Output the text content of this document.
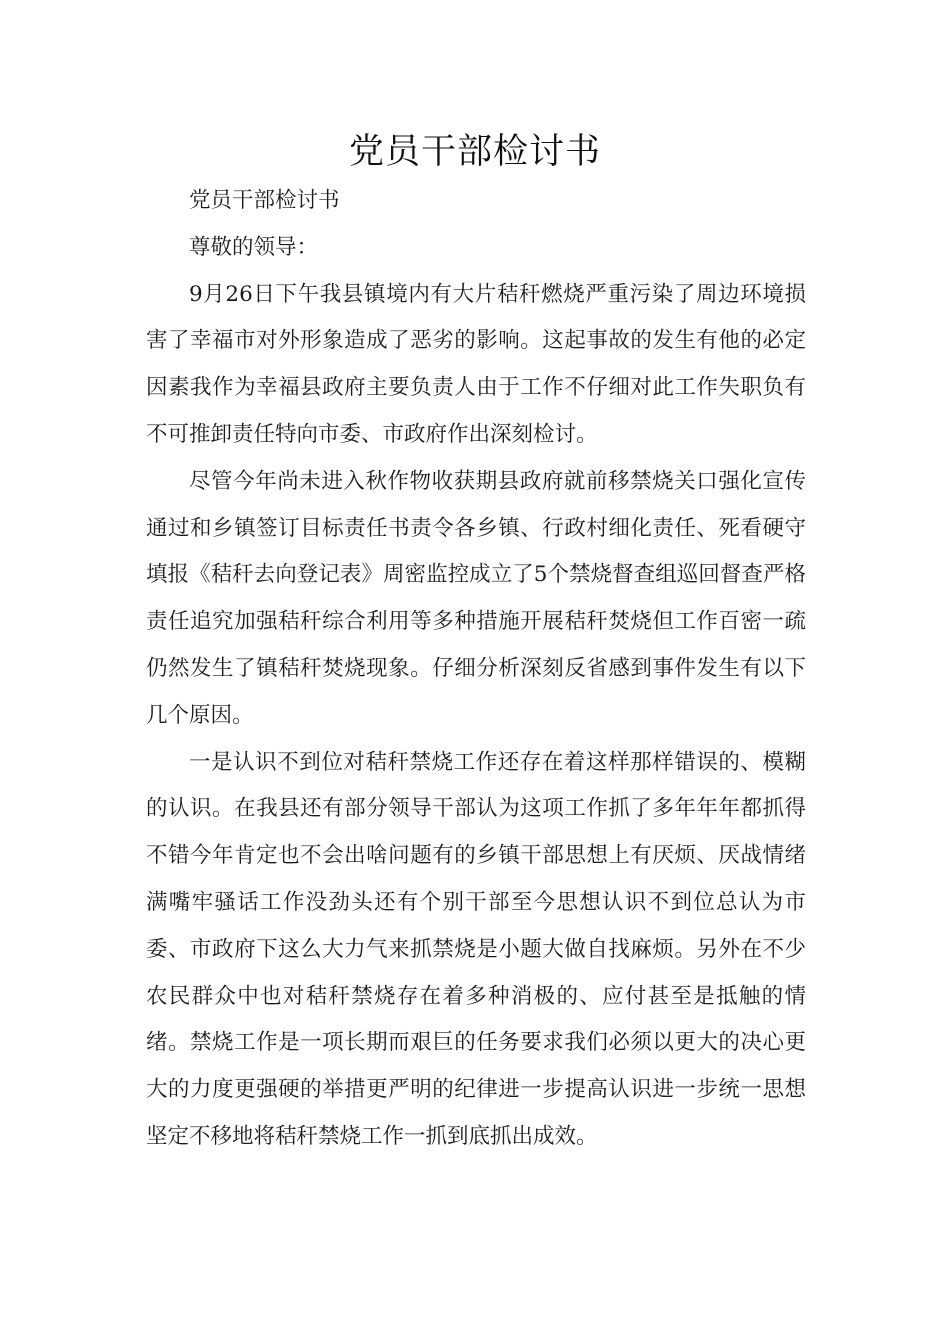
党员干部检讨书

党员干部检讨书

尊敬的领导：

9月26日下午我县镇境内有大片秸秆燃烧严重污染了周边环境损害了幸福市对外形象造成了恶劣的影响。这起事故的发生有他的必定因素我作为幸福县政府主要负责人由于工作不仔细对此工作失职负有不可推卸责任特向市委、市政府作出深刻检讨。

尽管今年尚未进入秋作物收获期县政府就前移禁烧关口强化宣传通过和乡镇签订目标责任书责令各乡镇、行政村细化责任、死看硬守填报《秸秆去向登记表》周密监控成立了5个禁烧督查组巡回督查严格责任追究加强秸秆综合利用等多种措施开展秸秆焚烧但工作百密一疏仍然发生了镇秸秆焚烧现象。仔细分析深刻反省感到事件发生有以下几个原因。

一是认识不到位对秸秆禁烧工作还存在着这样那样错误的、模糊的认识。在我县还有部分领导干部认为这项工作抓了多年年年都抓得不错今年肯定也不会出啥问题有的乡镇干部思想上有厌烦、厌战情绪满嘴牢骚话工作没劲头还有个别干部至今思想认识不到位总认为市委、市政府下这么大力气来抓禁烧是小题大做自找麻烦。另外在不少农民群众中也对秸秆禁烧存在着多种消极的、应付甚至是抵触的情绪。禁烧工作是一项长期而艰巨的任务要求我们必须以更大的决心更大的力度更强硬的举措更严明的纪律进一步提高认识进一步统一思想坚定不移地将秸秆禁烧工作一抓到底抓出成效。
